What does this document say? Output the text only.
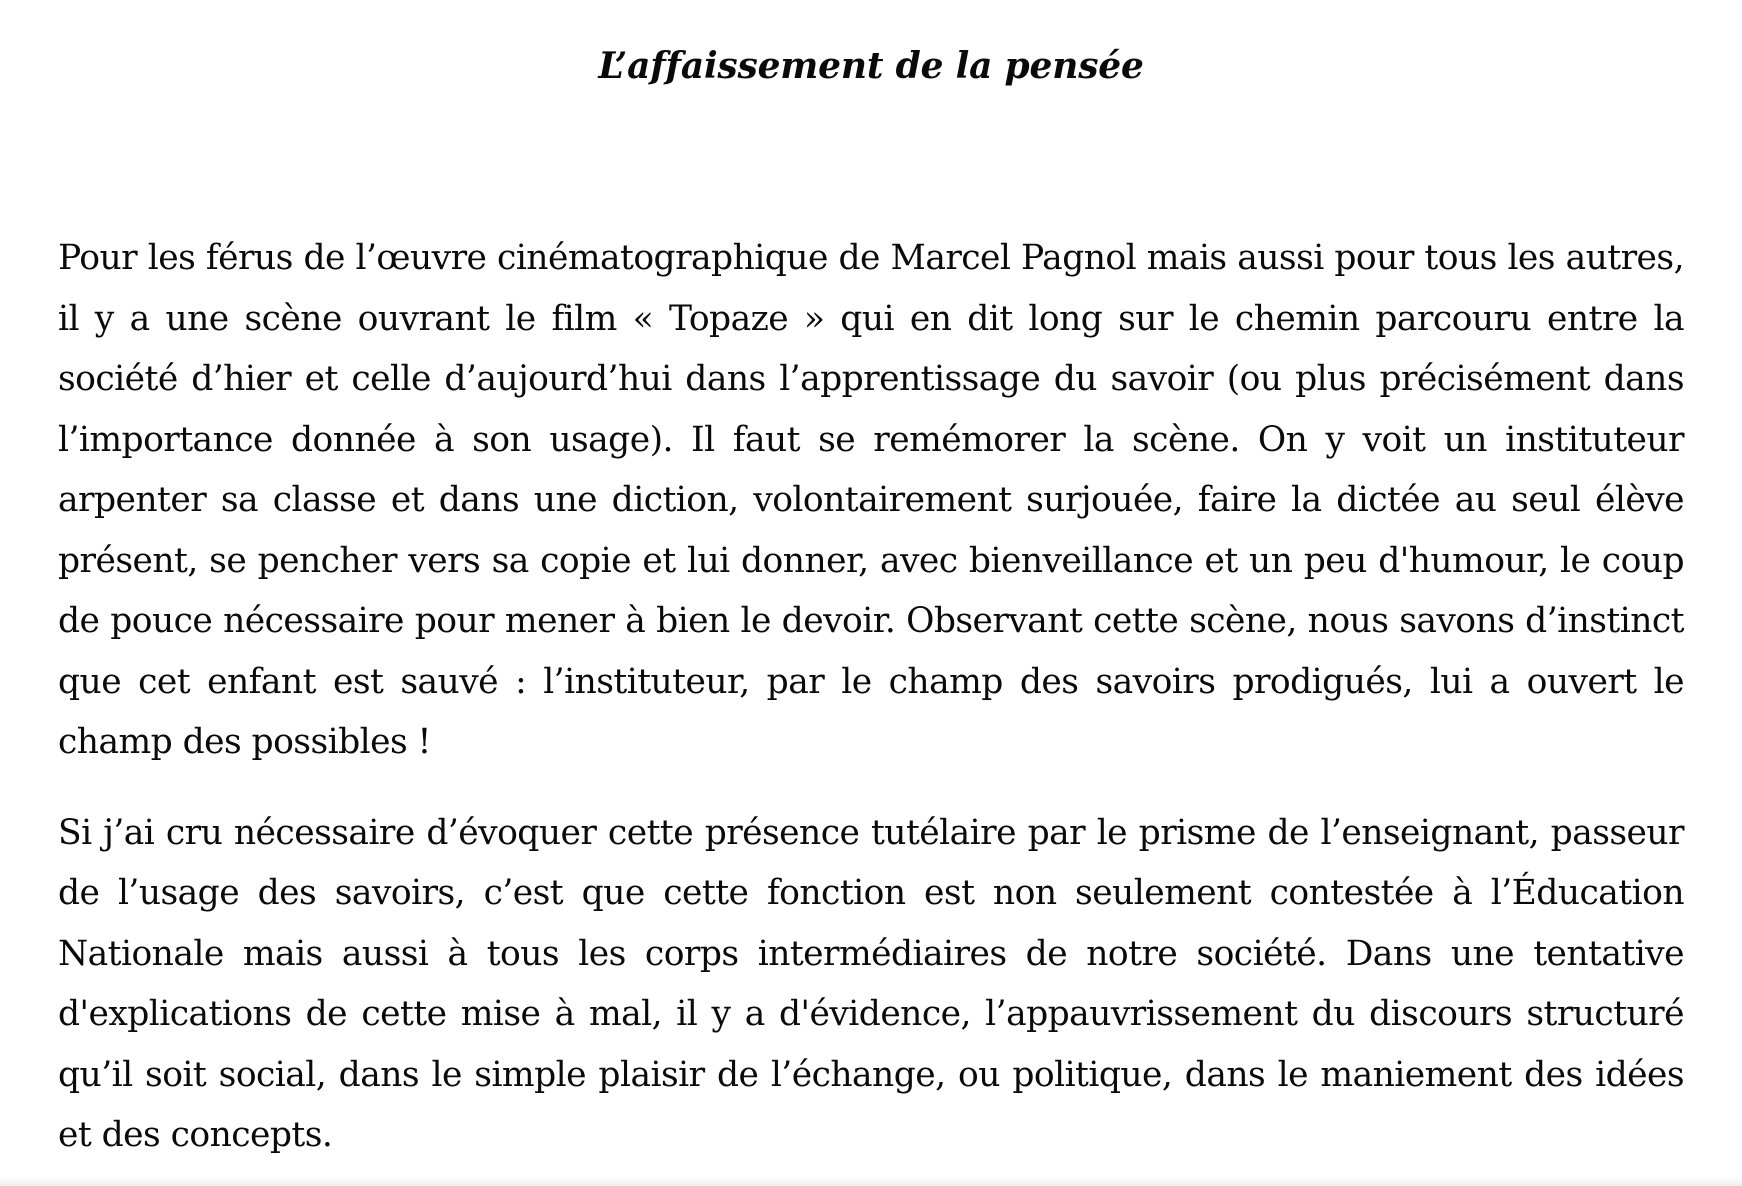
L’affaissement de la pensée

Pour les férus de l’œuvre cinématographique de Marcel Pagnol mais aussi pour tous les autres, il y a une scène ouvrant le film « Topaze » qui en dit long sur le chemin parcouru entre la société d’hier et celle d’aujourd’hui dans l’apprentissage du savoir (ou plus précisément dans l’importance donnée à son usage). Il faut se remémorer la scène. On y voit un instituteur arpenter sa classe et dans une diction, volontairement surjouée, faire la dictée au seul élève présent, se pencher vers sa copie et lui donner, avec bienveillance et un peu d'humour, le coup de pouce nécessaire pour mener à bien le devoir. Observant cette scène, nous savons d’instinct que cet enfant est sauvé : l’instituteur, par le champ des savoirs prodigués, lui a ouvert le champ des possibles !

Si j’ai cru nécessaire d’évoquer cette présence tutélaire par le prisme de l’enseignant, passeur de l’usage des savoirs, c’est que cette fonction est non seulement contestée à l’Éducation Nationale mais aussi à tous les corps intermédiaires de notre société. Dans une tentative d'explications de cette mise à mal, il y a d'évidence, l’appauvrissement du discours structuré qu’il soit social, dans le simple plaisir de l’échange, ou politique, dans le maniement des idées et des concepts.
